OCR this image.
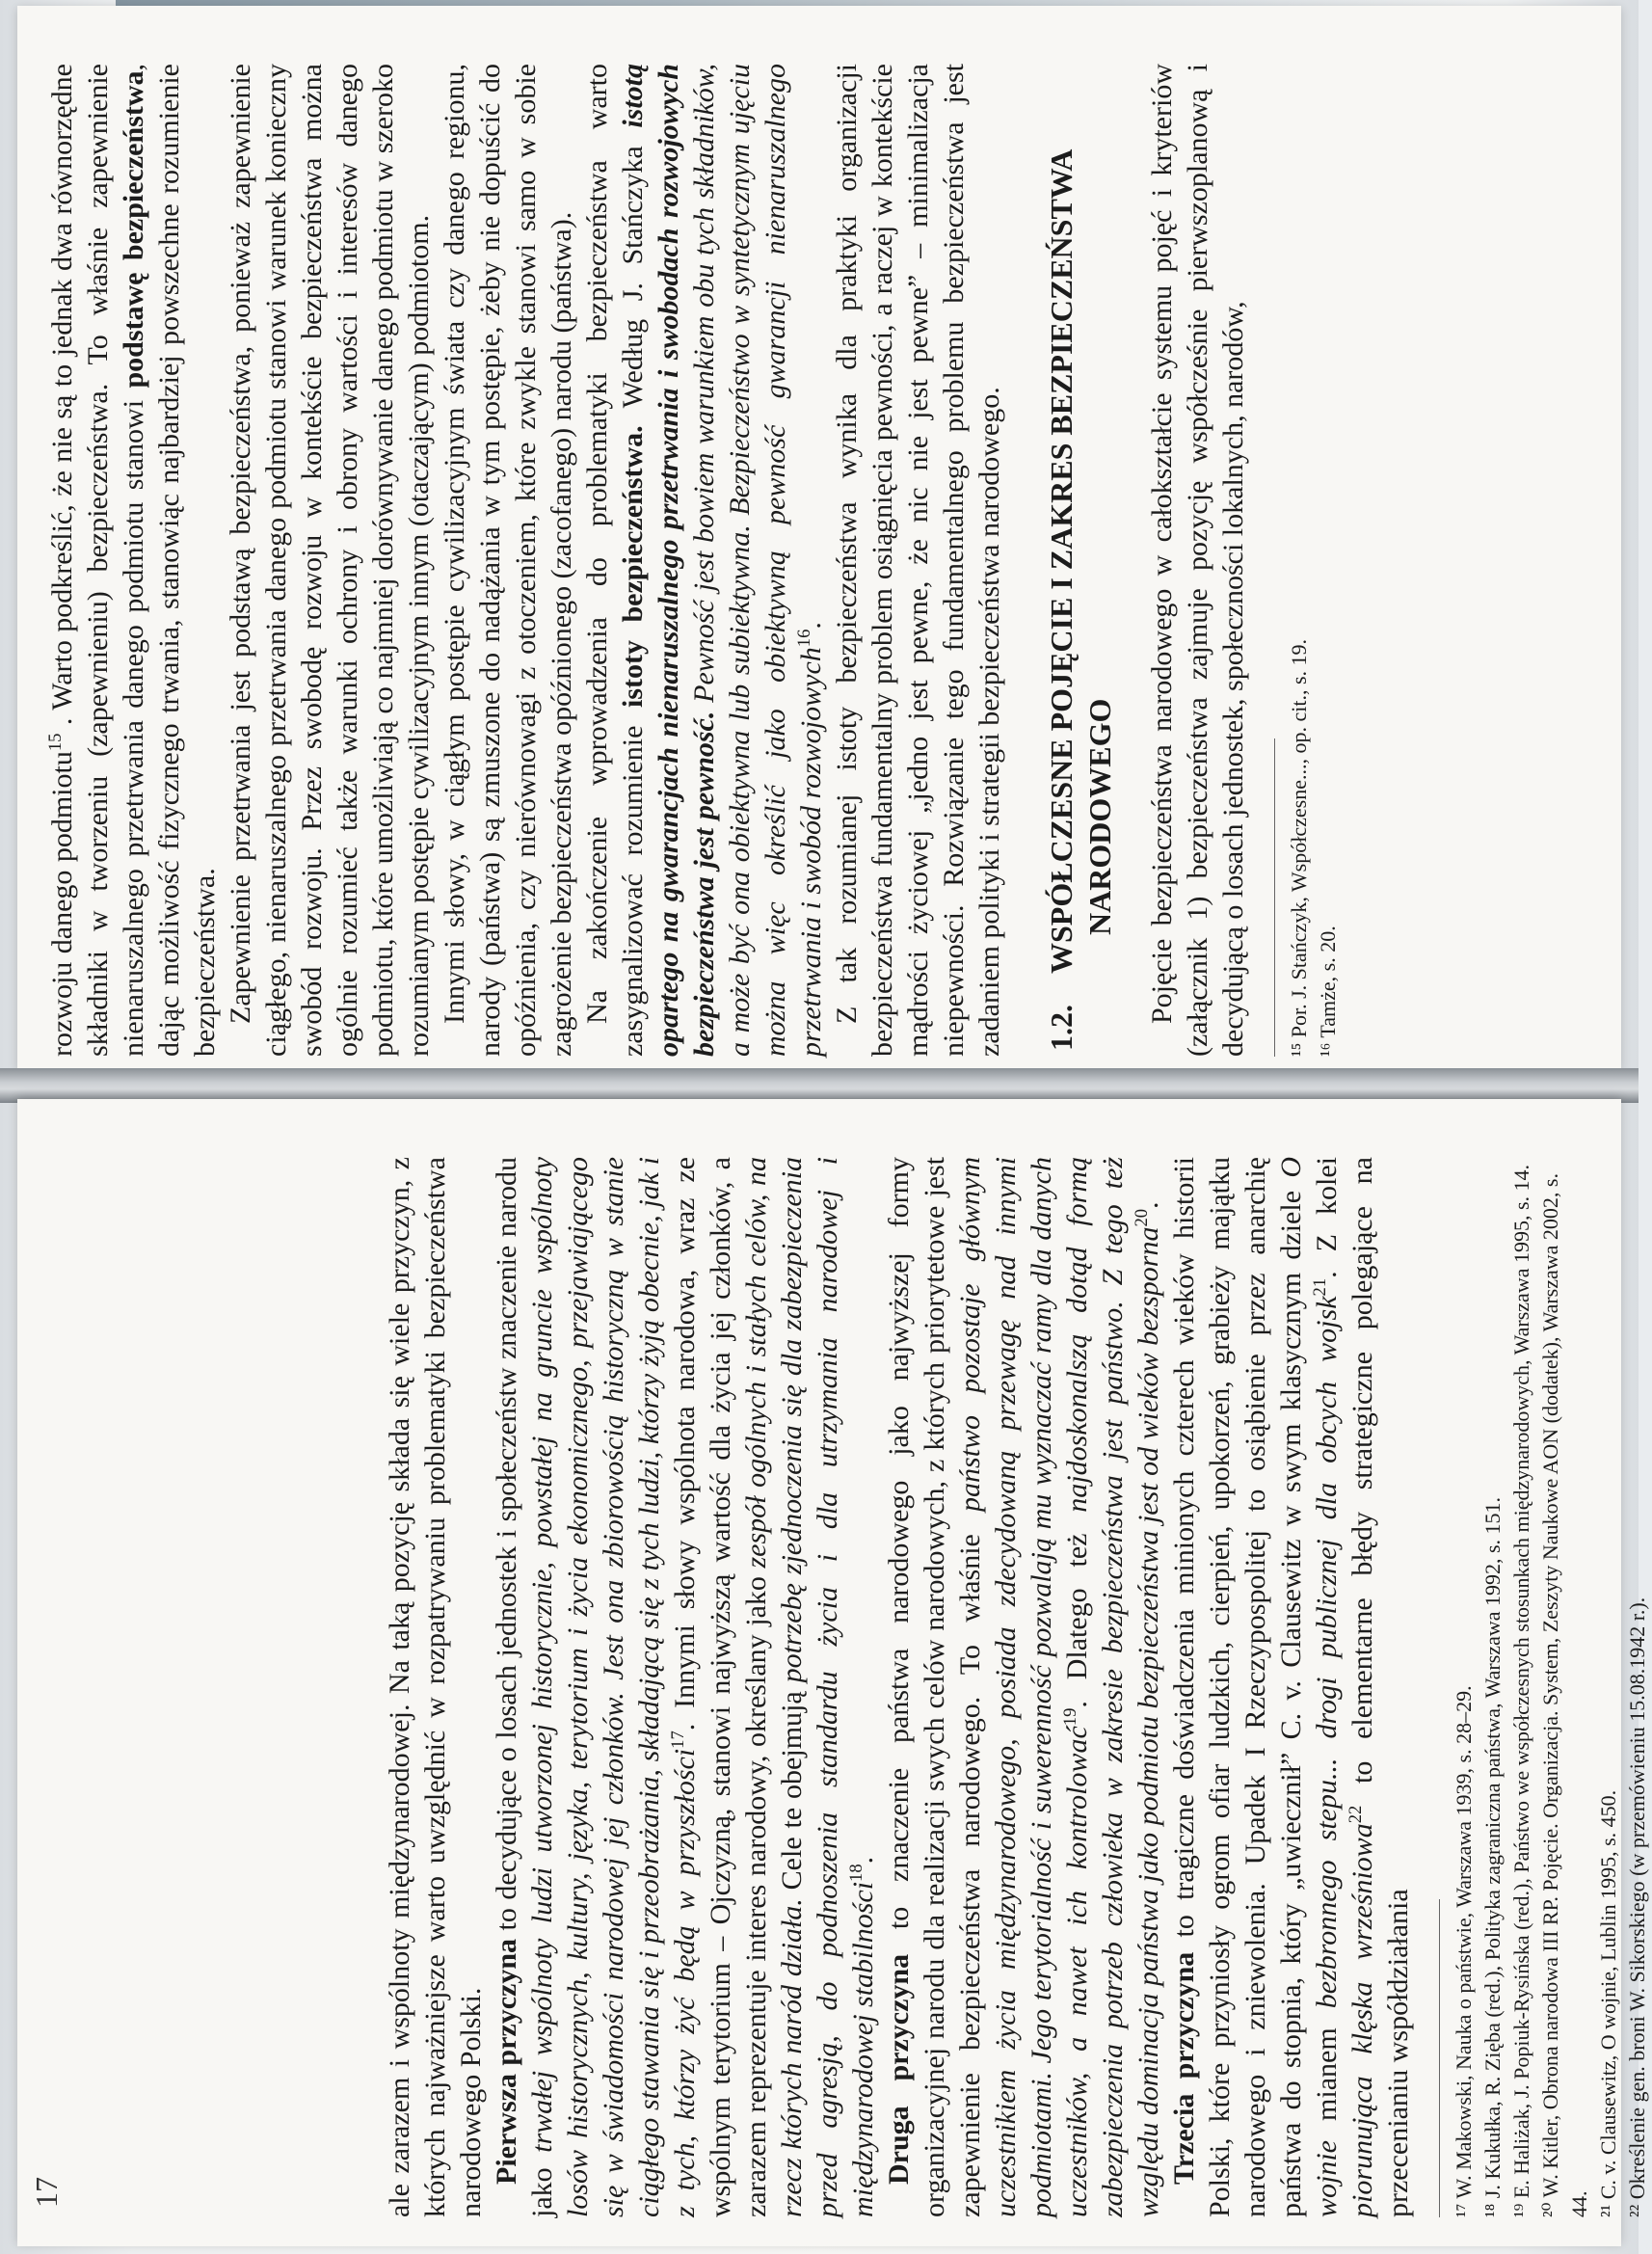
rozwoju danego podmiotu$^{15}$ . Warto podkreślić, że nie są to jednak dwa równorzędne składniki w tworzeniu (zapewnieniu) bezpieczeństwa. To właśnie zapewnienie nienaruszalnego przetrwania danego podmiotu stanowi podstawę bezpieczeństwa, dając możliwość fizycznego trwania, stanowiąc najbardziej powszechne rozumienie bezpieczeństwa. Zapewnienie przetrwania jest podstawą bezpieczeństwa, ponieważ zapewnienie ciągłego, nienaruszalnego przetrwania danego podmiotu stanowi warunek konieczny swobód rozwoju. Przez swobodę rozwoju w kontekście bezpieczeństwa można ogólnie rozumieć także warunki ochrony i obrony wartości i interesów danego podmiotu, które umożliwiają co najmniej dorównywanie danego podmiotu w szeroko rozumianym postępie cywilizacyjnym innym (otaczającym) podmiotom. Innymi słowy, w ciągłym postępie cywilizacyjnym świata czy danego regionu, narody (państwa) są zmuszone do nadążania w tym postępie, żeby nie dopuścić do opóźnienia, czy nierównowagi z otoczeniem, które zwykle stanowi samo w sobie zagrożenie bezpieczeństwa opóźnionego (zacofanego) narodu (państwa). Na zakończenie wprowadzenia do problematyki bezpieczeństwa warto zasygnalizować rozumienie istoty bezpieczeństwa. Według J. Stańczyka istotą opartego na gwarancjach nienaruszalnego przetrwania i swobodach rozwojowych bezpieczeństwa jest pewność. Pewność jest bowiem warunkiem obu tych składników, a może być ona obiektywna lub subiektywna. Bezpieczeństwo w syntetycznym ujęciu można więc określić jako obiektywną pewność gwarancji nienaruszalnego przetrwania i swobód rozwojowych$^{16}$. Z tak rozumianej istoty bezpieczeństwa wynika dla praktyki organizacji bezpieczeństwa fundamentalny problem osiągnięcia pewności, a raczej w kontekście mądrości życiowej „jedno jest pewne, że nic nie jest pewne” – minimalizacja niepewności. Rozwiązanie tego fundamentalnego problemu bezpieczeństwa jest zadaniem polityki i strategii bezpieczeństwa narodowego. 1.2.WSPÓŁCZESNE POJĘCIE I ZAKRES BEZPIECZEŃSTWA NARODOWEGO Pojęcie bezpieczeństwa narodowego w całokształcie systemu pojęć i kryteriów (załącznik 1) bezpieczeństwa zajmuje pozycję współcześnie pierwszoplanową i decydującą o losach jednostek, społeczności lokalnych, narodów, ¹⁵ Por. J. Stańczyk, Współczesne..., op. cit., s. 19. ¹⁶ Tamże, s. 20.

ale zarazem i wspólnoty międzynarodowej. Na taką pozycję składa się wiele przyczyn, z których najważniejsze warto uwzględnić w rozpatrywaniu problematyki bezpieczeństwa narodowego Polski. Pierwsza przyczyna to decydujące o losach jednostek i społeczeństw znaczenie narodu jako trwałej wspólnoty ludzi utworzonej historycznie, powstałej na gruncie wspólnoty losów historycznych, kultury, języka, terytorium i życia ekonomicznego, przejawiającego się w świadomości narodowej jej członków. Jest ona zbiorowością historyczną w stanie ciągłego stawania się i przeobrażania, składającą się z tych ludzi, którzy żyją obecnie, jak i z tych, którzy żyć będą w przyszłości$^{17}$. Innymi słowy wspólnota narodowa, wraz ze wspólnym terytorium – Ojczyzną, stanowi najwyższą wartość dla życia jej członków, a zarazem reprezentuje interes narodowy, określany jako zespół ogólnych i stałych celów, na rzecz których naród działa. Cele te obejmują potrzebę zjednoczenia się dla zabezpieczenia przed agresją, do podnoszenia standardu życia i dla utrzymania narodowej i międzynarodowej stabilności$^{18}$.

Druga przyczyna to znaczenie państwa narodowego jako najwyższej formy organizacyjnej narodu dla realizacji swych celów narodowych, z których priorytetowe jest zapewnienie bezpieczeństwa narodowego. To właśnie państwo pozostaje głównym uczestnikiem życia międzynarodowego, posiada zdecydowaną przewagę nad innymi podmiotami. Jego terytorialność i suwerenność pozwalają mu wyznaczać ramy dla danych uczestników, a nawet ich kontrolować$^{19}$. Dlatego też najdoskonalszą dotąd formą zabezpieczenia potrzeb człowieka w zakresie bezpieczeństwa jest państwo. Z tego też względu dominacja państwa jako podmiotu bezpieczeństwa jest od wieków bezsporna$^{20}$.

Trzecia przyczyna to tragiczne doświadczenia minionych czterech wieków historii Polski, które przyniosły ogrom ofiar ludzkich, cierpień, upokorzeń, grabieży majątku narodowego i zniewolenia. Upadek I Rzeczypospolitej to osiąbienie przez anarchię państwa do stopnia, który „uwiecznił” C. v. Clausewitz w swym klasycznym dziele O wojnie mianem bezbronnego stepu... drogi publicznej dla obcych wojsk$^{21}$. Z kolei piorunująca klęska wrześniowa$^{22}$ to elementarne błędy strategiczne polegające na przecenianiu współdziałania ¹⁷ W. Makowski, Nauka o państwie, Warszawa 1939, s. 28–29. ¹⁸ J. Kukułka, R. Zięba (red.), Polityka zagraniczna państwa, Warszawa 1992, s. 151. ¹⁹ E. Haliżak, J. Popiuk-Rysińska (red.), Państwo we współczesnych stosunkach międzynarodowych, Warszawa 1995, s. 14. ²⁰ W. Kitler, Obrona narodowa III RP. Pojęcie. Organizacja. System, Zeszyty Naukowe AON (dodatek), Warszawa 2002, s. 44. ²¹ C. v. Clausewitz, O wojnie, Lublin 1995, s. 450. ²² Określenie gen. broni W. Sikorskiego (w przemówieniu 15.08.1942 r.).
17
